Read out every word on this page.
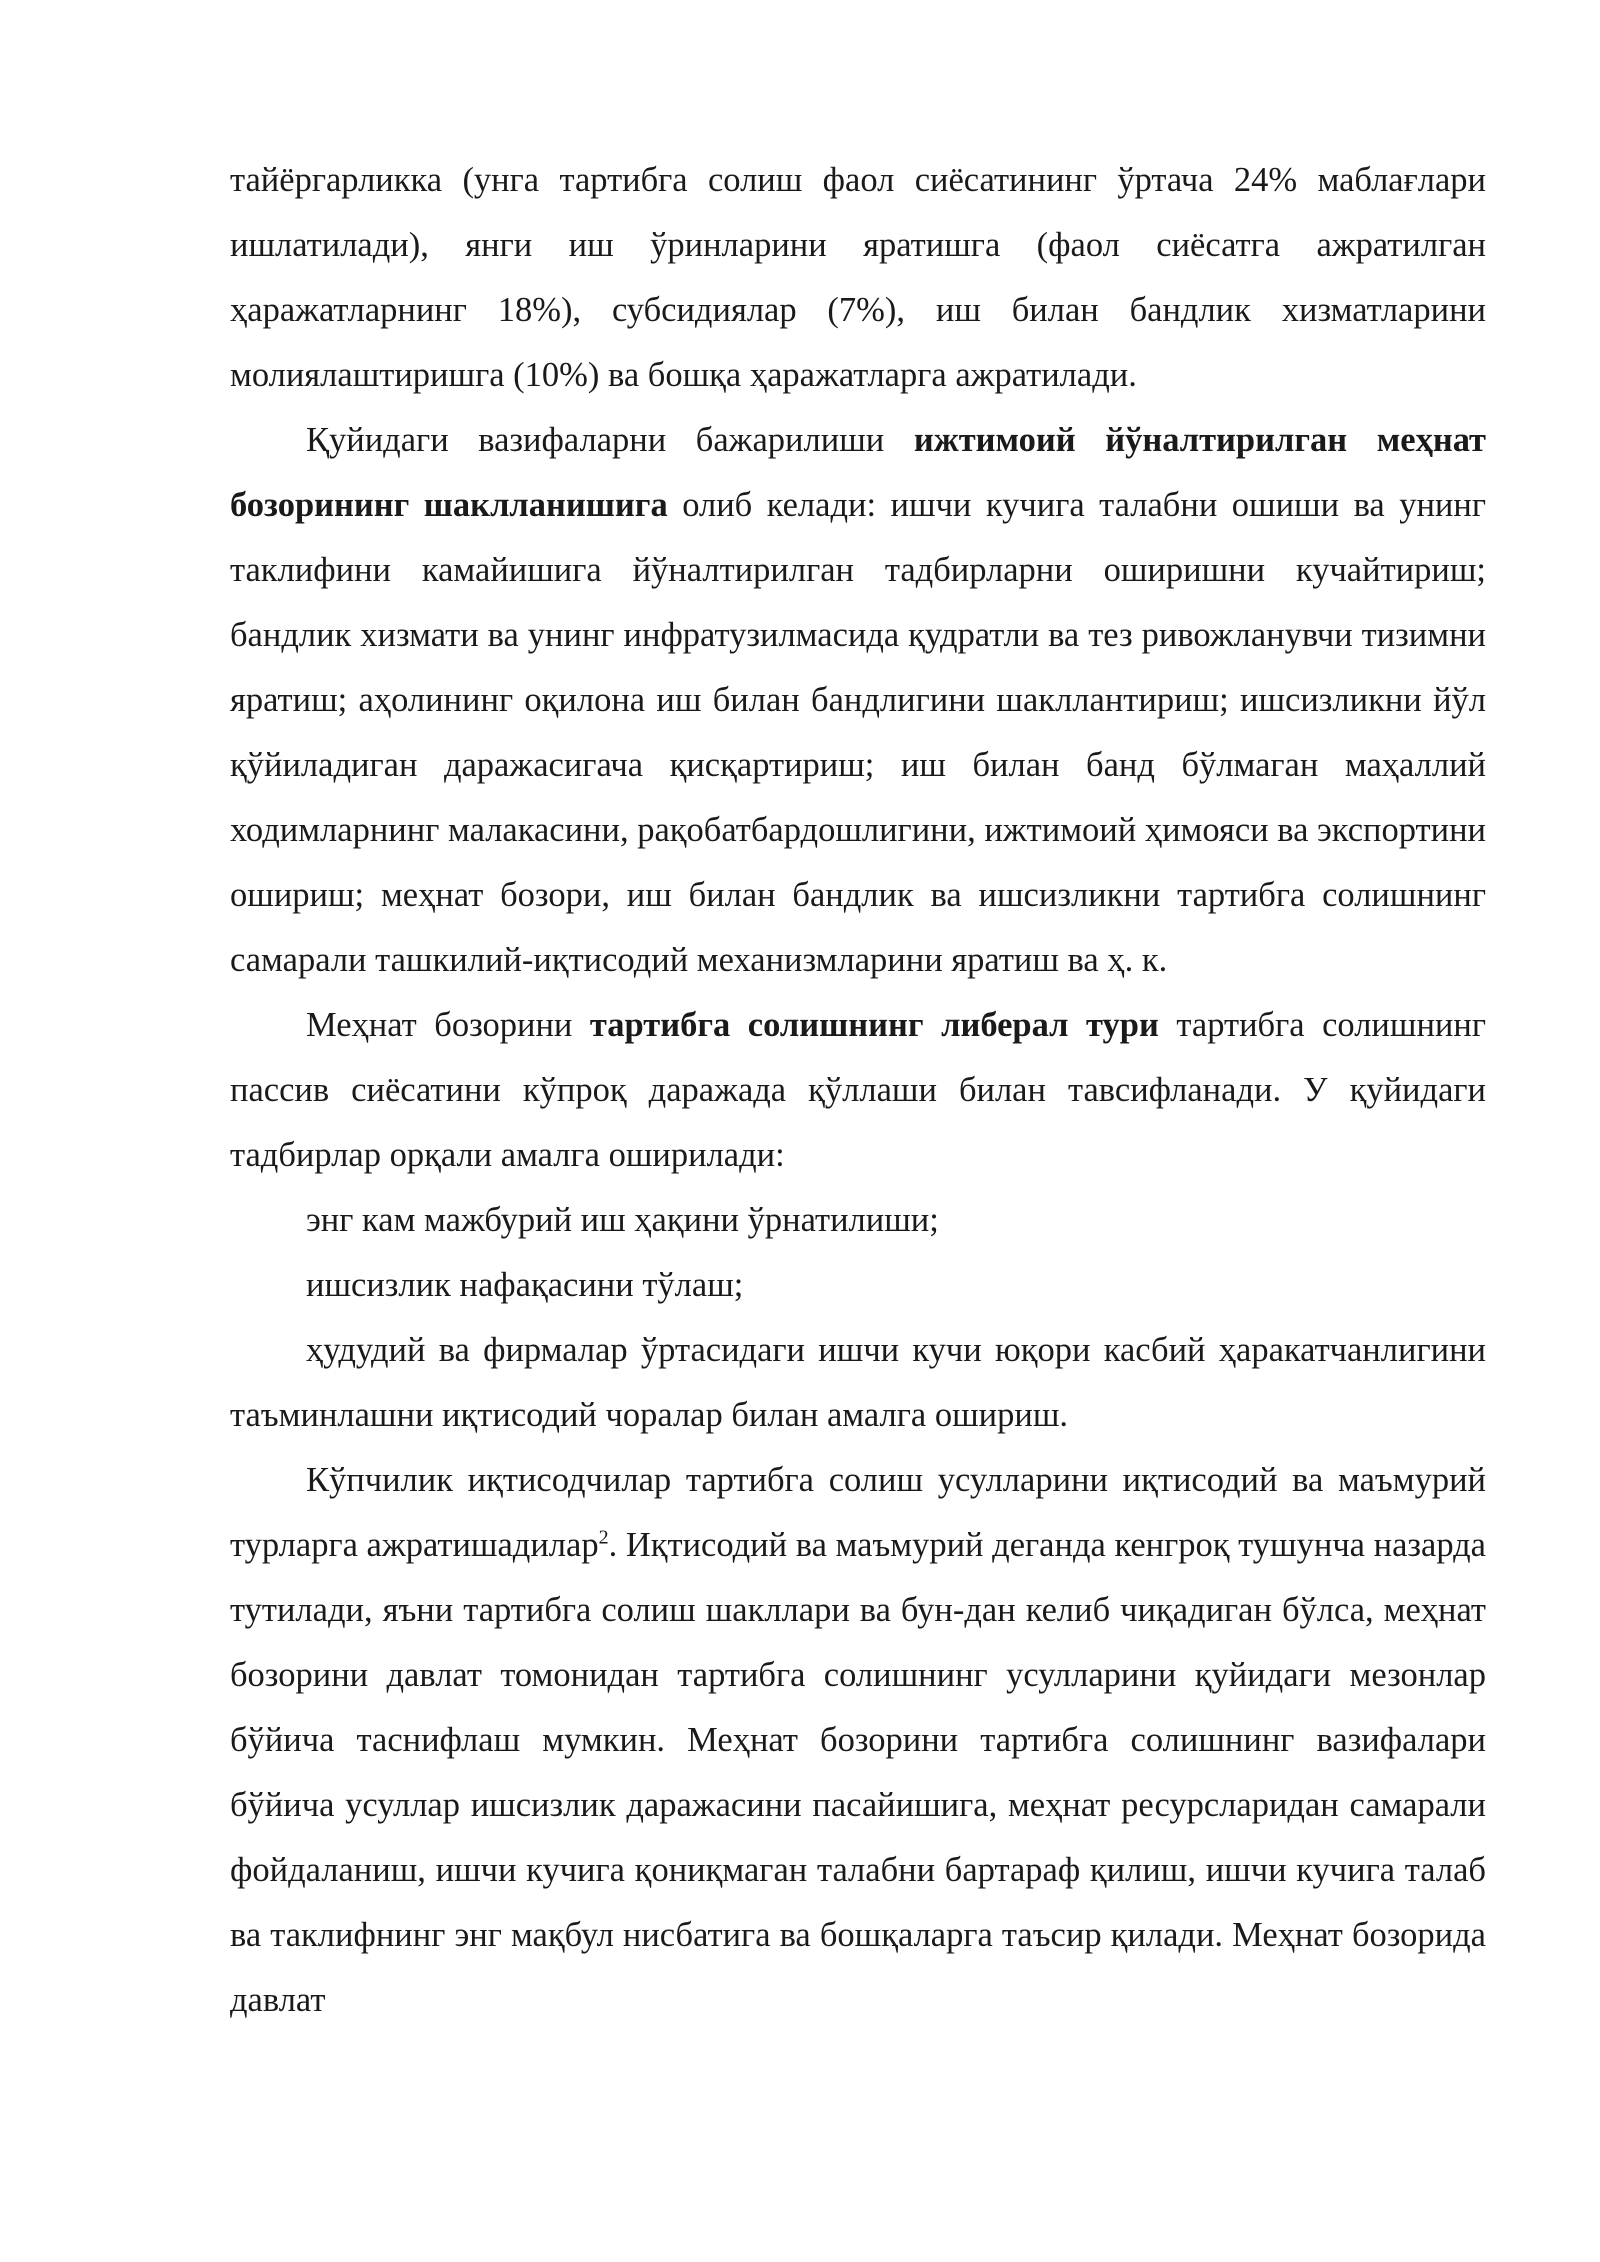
тайёргарликка (унга тартибга солиш фаол сиёсатининг ўртача 24% маблағлари ишлатилади), янги иш ўринларини яратишга (фаол сиёсатга ажратилган ҳаражатларнинг 18%), субсидиялар (7%), иш билан бандлик хизматларини молиялаштиришга (10%) ва бошқа ҳаражатларга ажратилади.

Қуйидаги вазифаларни бажарилиши ижтимоий йўналтирилган меҳнат бозорининг шаклланишига олиб келади: ишчи кучига талабни ошиши ва унинг таклифини камайишига йўналтирилган тадбирларни оширишни кучайтириш; бандлик хизмати ва унинг инфратузилмасида қудратли ва тез ривожланувчи тизимни яратиш; аҳолининг оқилона иш билан бандлигини шакллантириш; ишсизликни йўл қўйиладиган даражасигача қисқартириш; иш билан банд бўлмаган маҳаллий ходимларнинг малакасини, рақобатбардошлигини, ижтимоий ҳимояси ва экспортини ошириш; меҳнат бозори, иш билан бандлик ва ишсизликни тартибга солишнинг самарали ташкилий-иқтисодий механизмларини яратиш ва ҳ. к.

Меҳнат бозорини тартибга солишнинг либерал тури тартибга солишнинг пассив сиёсатини кўпроқ даражада қўллаши билан тавсифланади. У қуйидаги тадбирлар орқали амалга оширилади:

энг кам мажбурий иш ҳақини ўрнатилиши;

ишсизлик нафақасини тўлаш;

ҳудудий ва фирмалар ўртасидаги ишчи кучи юқори касбий ҳаракатчанлигини таъминлашни иқтисодий чоралар билан амалга ошириш.

Кўпчилик иқтисодчилар тартибга солиш усулларини иқтисодий ва маъмурий турларга ажратишадилар$^2$. Иқтисодий ва маъмурий деганда кенгроқ тушунча назарда тутилади, яъни тартибга солиш шакллари ва бун-дан келиб чиқадиган бўлса, меҳнат бозорини давлат томонидан тартибга солишнинг усулларини қуйидаги мезонлар бўйича таснифлаш мумкин. Меҳнат бозорини тартибга солишнинг вазифалари бўйича усуллар ишсизлик даражасини пасайишига, меҳнат ресурсларидан самарали фойдаланиш, ишчи кучига қониқмаган талабни бартараф қилиш, ишчи кучига талаб ва таклифнинг энг мақбул нисбатига ва бошқаларга таъсир қилади. Меҳнат бозорида давлат
